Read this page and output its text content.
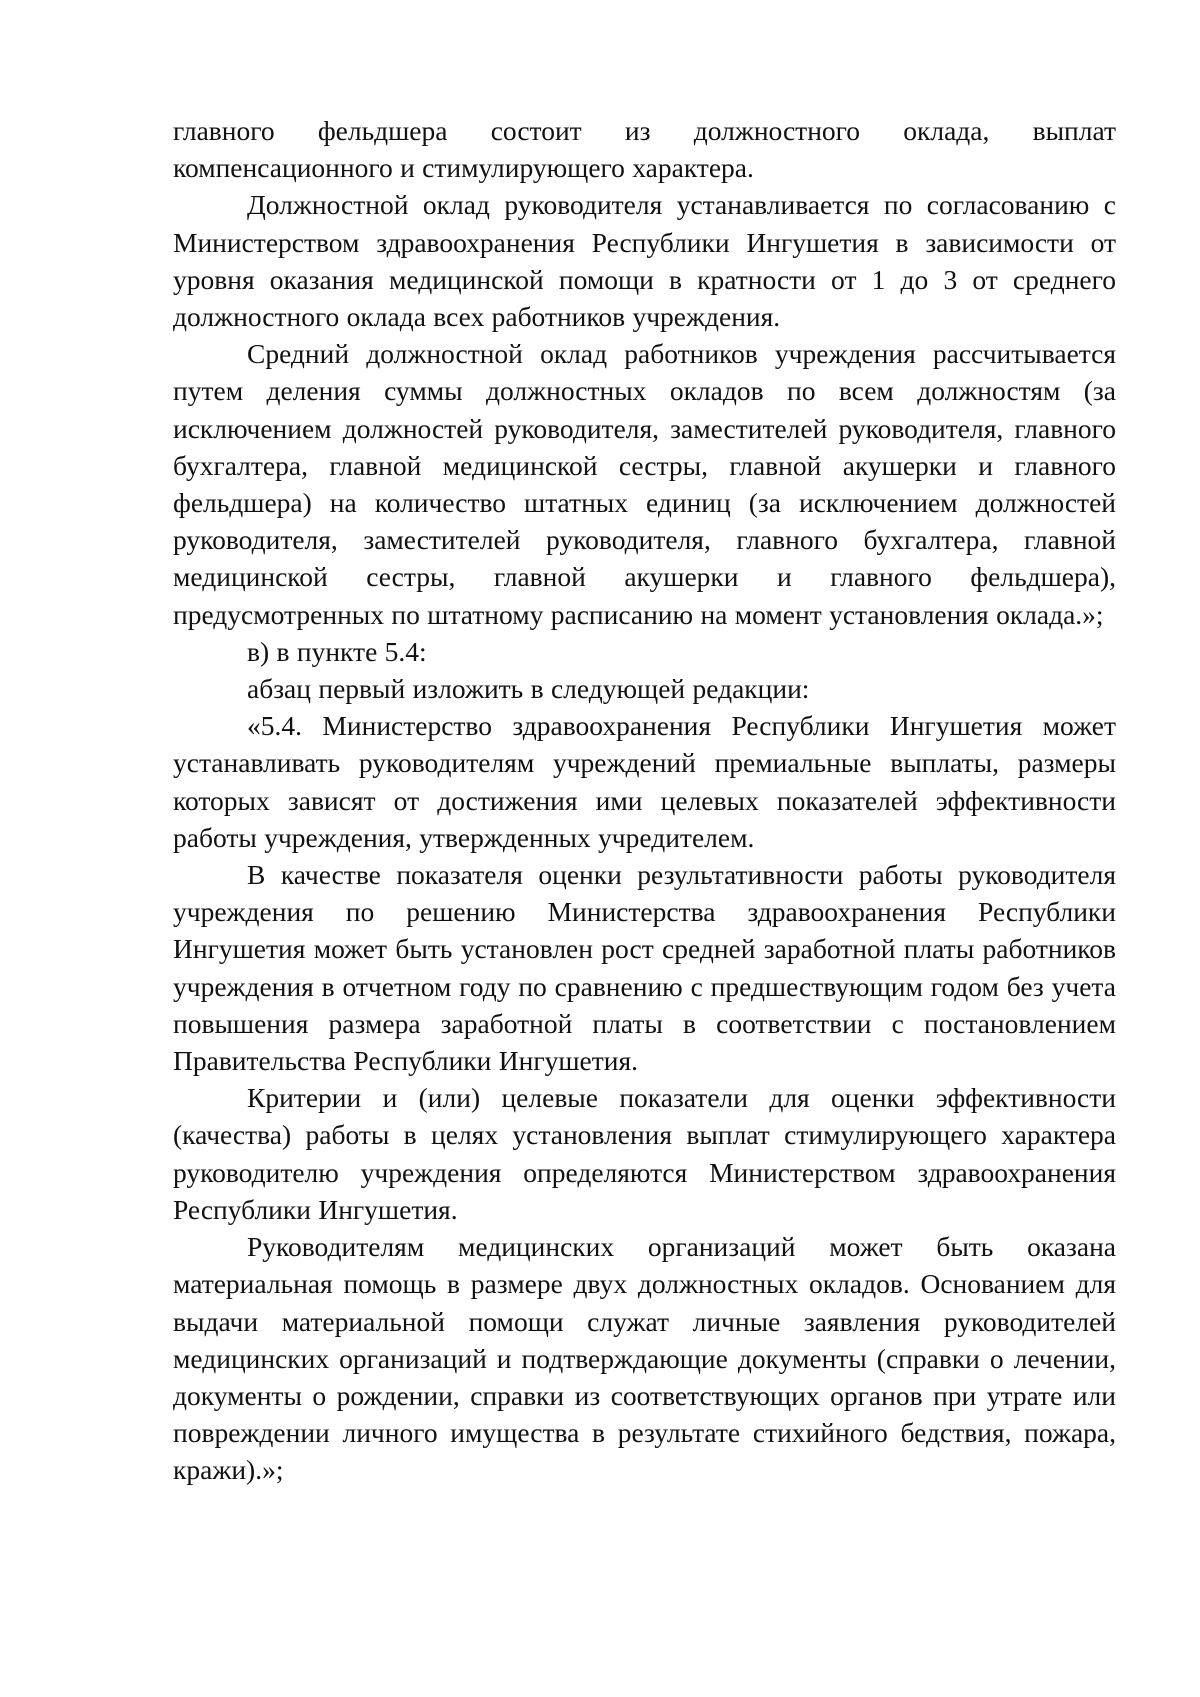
главного фельдшера состоит из должностного оклада, выплат компенсационного и стимулирующего характера.

Должностной оклад руководителя устанавливается по согласованию с Министерством здравоохранения Республики Ингушетия в зависимости от уровня оказания медицинской помощи в кратности от 1 до 3 от среднего должностного оклада всех работников учреждения.

Средний должностной оклад работников учреждения рассчитывается путем деления суммы должностных окладов по всем должностям (за исключением должностей руководителя, заместителей руководителя, главного бухгалтера, главной медицинской сестры, главной акушерки и главного фельдшера) на количество штатных единиц (за исключением должностей руководителя, заместителей руководителя, главного бухгалтера, главной медицинской сестры, главной акушерки и главного фельдшера), предусмотренных по штатному расписанию на момент установления оклада.»;

в) в пункте 5.4:

абзац первый изложить в следующей редакции:

«5.4. Министерство здравоохранения Республики Ингушетия может устанавливать руководителям учреждений премиальные выплаты, размеры которых зависят от достижения ими целевых показателей эффективности работы учреждения, утвержденных учредителем.

В качестве показателя оценки результативности работы руководителя учреждения по решению Министерства здравоохранения Республики Ингушетия может быть установлен рост средней заработной платы работников учреждения в отчетном году по сравнению с предшествующим годом без учета повышения размера заработной платы в соответствии с постановлением Правительства Республики Ингушетия.

Критерии и (или) целевые показатели для оценки эффективности (качества) работы в целях установления выплат стимулирующего характера руководителю учреждения определяются Министерством здравоохранения Республики Ингушетия.

Руководителям медицинских организаций может быть оказана материальная помощь в размере двух должностных окладов. Основанием для выдачи материальной помощи служат личные заявления руководителей медицинских организаций и подтверждающие документы (справки о лечении, документы о рождении, справки из соответствующих органов при утрате или повреждении личного имущества в результате стихийного бедствия, пожара, кражи).»;
